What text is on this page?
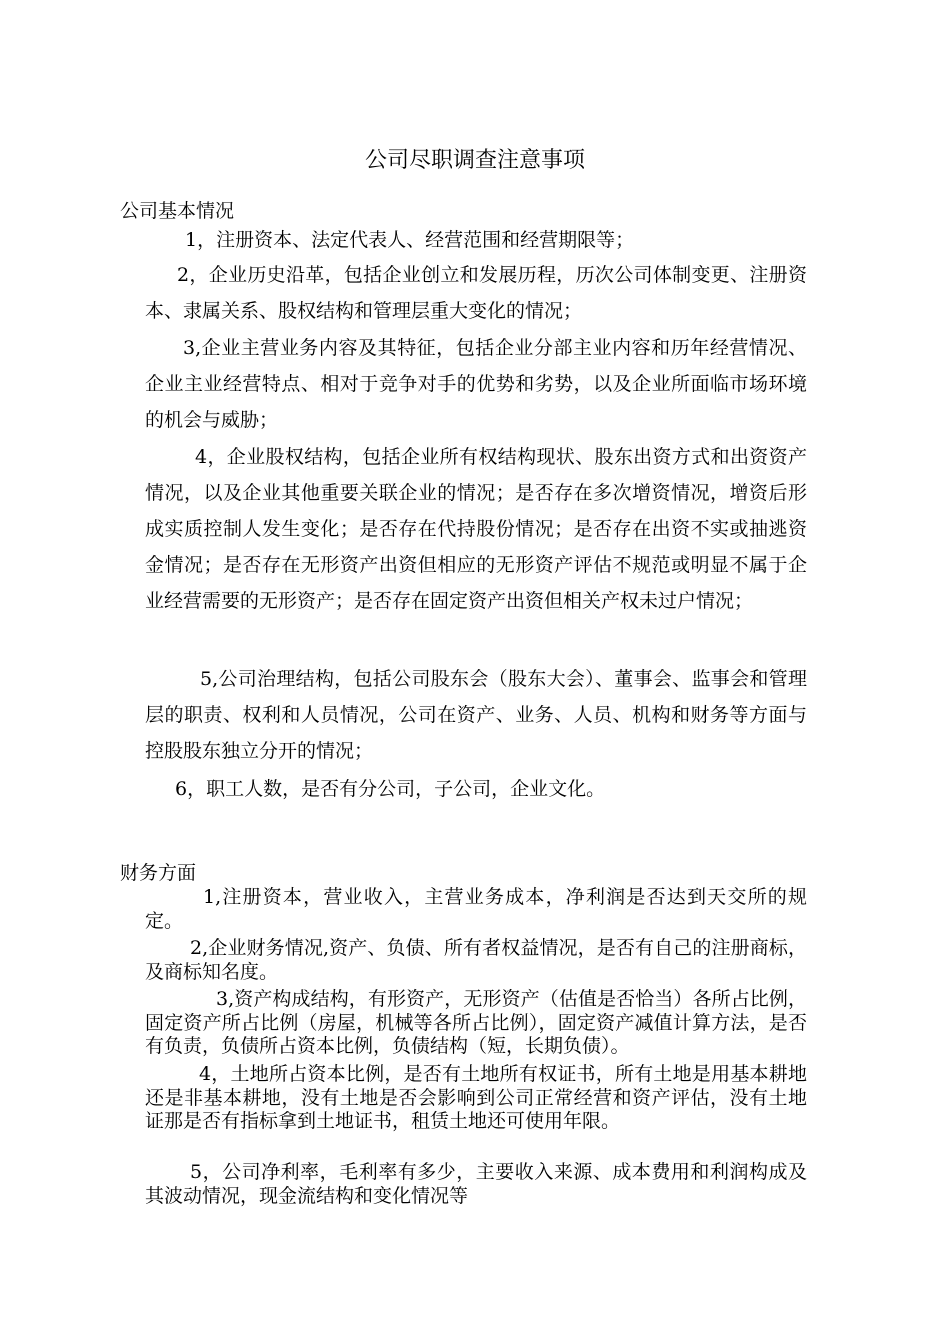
公司尽职调查注意事项
公司基本情况

1，注册资本、法定代表人、经营范围和经营期限等；

2，企业历史沿革，包括企业创立和发展历程，历次公司体制变更、注册资本、隶属关系、股权结构和管理层重大变化的情况；

3,企业主营业务内容及其特征，包括企业分部主业内容和历年经营情况、企业主业经营特点、相对于竞争对手的优势和劣势，以及企业所面临市场环境的机会与威胁；

4，企业股权结构，包括企业所有权结构现状、股东出资方式和出资资产情况，以及企业其他重要关联企业的情况；是否存在多次增资情况，增资后形成实质控制人发生变化；是否存在代持股份情况；是否存在出资不实或抽逃资金情况；是否存在无形资产出资但相应的无形资产评估不规范或明显不属于企业经营需要的无形资产；是否存在固定资产出资但相关产权未过户情况；

5,公司治理结构，包括公司股东会（股东大会）、董事会、监事会和管理层的职责、权利和人员情况，公司在资产、业务、人员、机构和财务等方面与控股股东独立分开的情况；

6，职工人数，是否有分公司，子公司，企业文化。

财务方面

1,注册资本，营业收入，主营业务成本，净利润是否达到天交所的规定。

2,企业财务情况,资产、负债、所有者权益情况，是否有自己的注册商标，及商标知名度。

3,资产构成结构，有形资产，无形资产（估值是否恰当）各所占比例，固定资产所占比例（房屋，机械等各所占比例），固定资产减值计算方法，是否有负责，负债所占资本比例，负债结构（短，长期负债）。

4，土地所占资本比例，是否有土地所有权证书，所有土地是用基本耕地还是非基本耕地，没有土地是否会影响到公司正常经营和资产评估，没有土地证那是否有指标拿到土地证书，租赁土地还可使用年限。

5，公司净利率，毛利率有多少，主要收入来源、成本费用和利润构成及其波动情况，现金流结构和变化情况等
